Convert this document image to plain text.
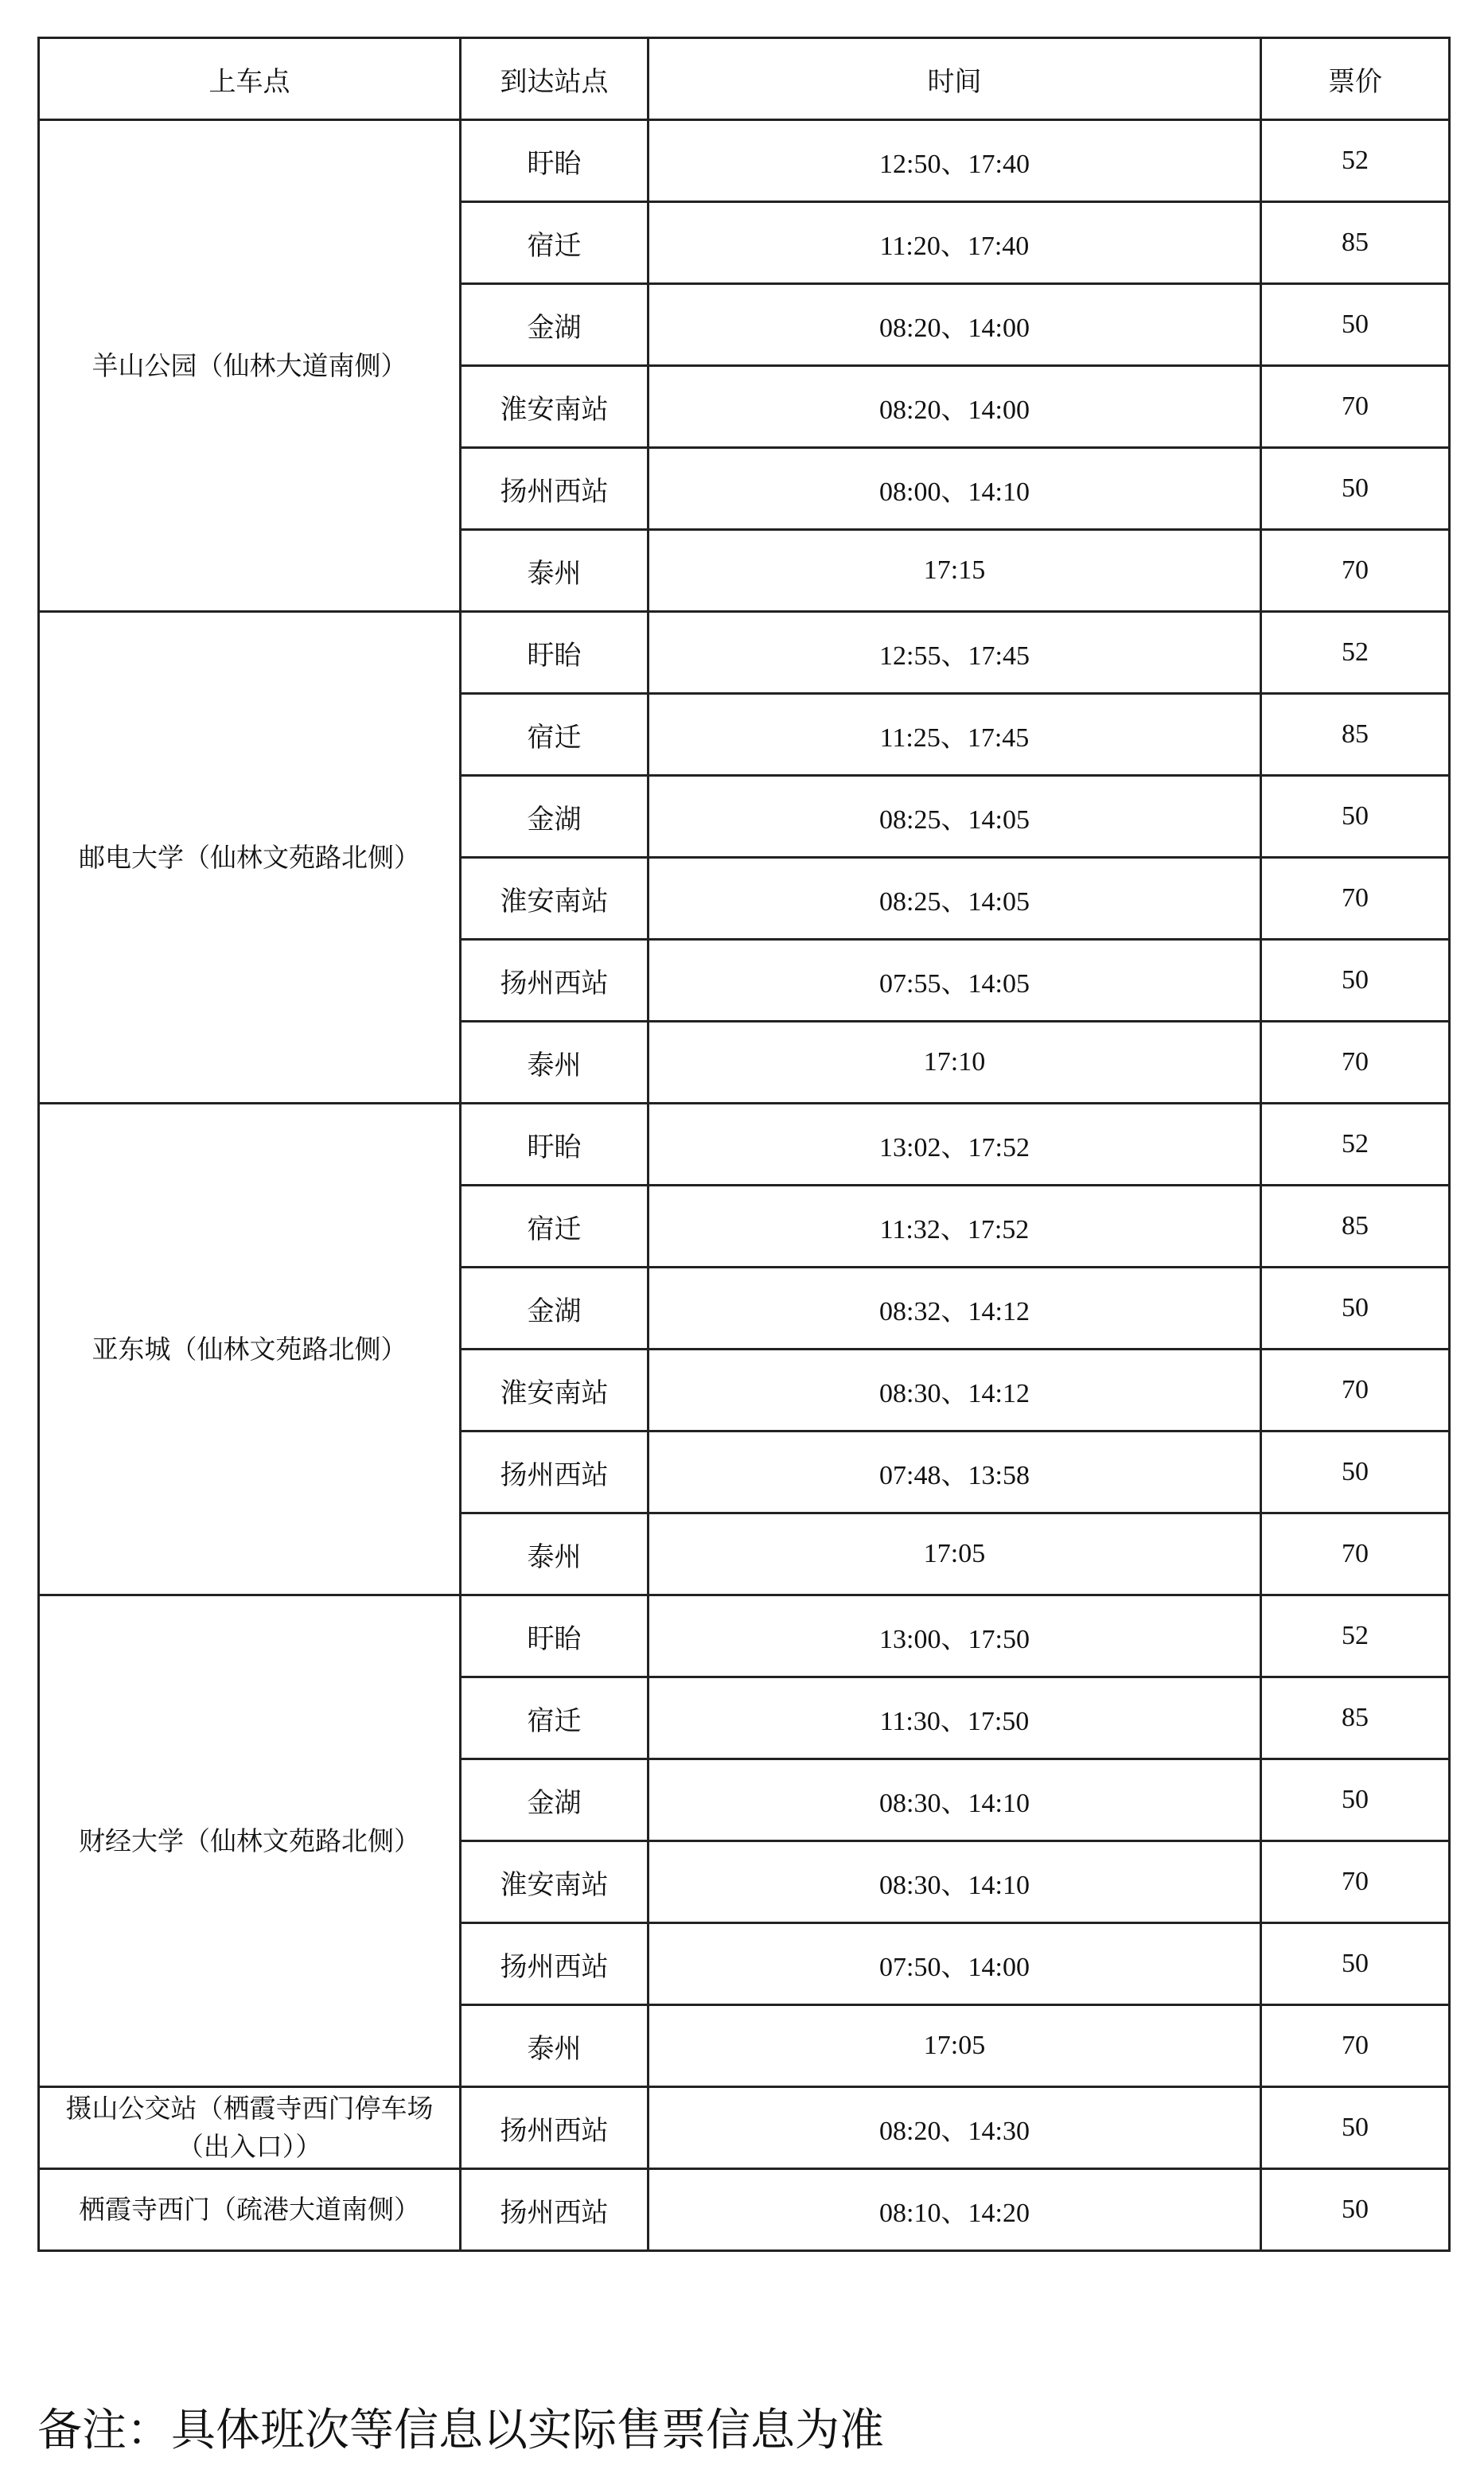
上车点	到达站点	时间	票价
羊山公园（仙林大道南侧）	盱眙	12:50、17:40	52
	宿迁	11:20、17:40	85
	金湖	08:20、14:00	50
	淮安南站	08:20、14:00	70
	扬州西站	08:00、14:10	50
	泰州	17:15	70
邮电大学（仙林文苑路北侧）	盱眙	12:55、17:45	52
	宿迁	11:25、17:45	85
	金湖	08:25、14:05	50
	淮安南站	08:25、14:05	70
	扬州西站	07:55、14:05	50
	泰州	17:10	70
亚东城（仙林文苑路北侧）	盱眙	13:02、17:52	52
	宿迁	11:32、17:52	85
	金湖	08:32、14:12	50
	淮安南站	08:30、14:12	70
	扬州西站	07:48、13:58	50
	泰州	17:05	70
财经大学（仙林文苑路北侧）	盱眙	13:00、17:50	52
	宿迁	11:30、17:50	85
	金湖	08:30、14:10	50
	淮安南站	08:30、14:10	70
	扬州西站	07:50、14:00	50
	泰州	17:05	70
摄山公交站（栖霞寺西门停车场（出入口））	扬州西站	08:20、14:30	50
栖霞寺西门（疏港大道南侧）	扬州西站	08:10、14:20	50

备注：具体班次等信息以实际售票信息为准
